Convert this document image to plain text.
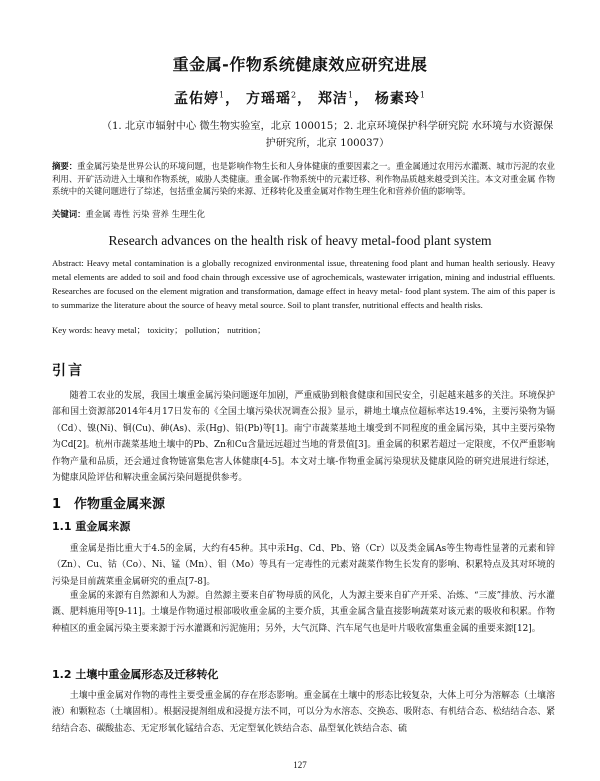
重金属-作物系统健康效应研究进展
孟佑婷$^1$， 方瑶瑶$^2$， 郑洁$^1$， 杨素玲$^1$
（1. 北京市辐射中心 微生物实验室，北京 100015；2. 北京环境保护科学研究院 水环境与水资源保护研究所，北京 100037）
摘要：重金属污染是世界公认的环境问题，也是影响作物生长和人身体健康的重要因素之一。重金属通过农用污水灌溉、城市污泥的农业利用、开矿活动进入土壤和作物系统，威胁人类健康。重金属-作物系统中的元素迁移、利作物品质越来越受到关注。本文对重金属 作物系统中的关键问题进行了综述，包括重金属污染的来源、迁移转化及重金属对作物生理生化和营养价值的影响等。
关键词：重金属 毒性 污染 营养 生理生化
Research advances on the health risk of heavy metal-food plant system
Abstract: Heavy metal contamination is a globally recognized environmental issue, threatening food plant and human health seriously. Heavy metal elements are added to soil and food chain through excessive use of agrochemicals, wastewater irrigation, mining and industrial effluents. Researches are focused on the element migration and transformation, damage effect in heavy metal- food plant system. The aim of this paper is to summarize the literature about the source of heavy metal source. Soil to plant transfer, nutritional effects and health risks.
Key words: heavy metal； toxicity； pollution； nutrition；
引言

随着工农业的发展，我国土壤重金属污染问题逐年加剧，严重威胁到粮食健康和国民安全，引起越来越多的关注。环境保护部和国土资源部2014年4月17日发布的《全国土壤污染状况调查公报》显示，耕地土壤点位超标率达19.4%，主要污染物为镉（Cd）、镍(Ni)、铜(Cu)、砷(As)、汞(Hg)、铅(Pb)等[1]。南宁市蔬菜基地土壤受到不同程度的重金属污染，其中主要污染物为Cd[2]。杭州市蔬菜基地土壤中的Pb、Zn和Cu含量远远超过当地的背景值[3]。重金属的积累若超过一定限度，不仅严重影响作物产量和品质，还会通过食物链富集危害人体健康[4-5]。本文对土壤-作物重金属污染现状及健康风险的研究进展进行综述，为健康风险评估和解决重金属污染问题提供参考。

1　作物重金属来源
1.1 重金属来源

重金属是指比重大于4.5的金属，大约有45种。其中汞Hg、Cd、Pb、铬（Cr）以及类金属As等生物毒性显著的元素和锌（Zn）、Cu、钴（Co）、Ni、锰（Mn）、钼（Mo）等具有一定毒性的元素对蔬菜作物生长发育的影响、积累特点及其对环境的污染是目前蔬菜重金属研究的重点[7-8]。

重金属的来源有自然源和人为源。自然源主要来自矿物母质的风化，人为源主要来自矿产开采、冶炼、“三废”排放、污水灌溉、肥料施用等[9-11]。土壤是作物通过根部吸收重金属的主要介质，其重金属含量直接影响蔬菜对该元素的吸收和积累。作物种植区的重金属污染主要来源于污水灌溉和污泥施用；另外，大气沉降、汽车尾气也是叶片吸收富集重金属的重要来源[12]。

1.2 土壤中重金属形态及迁移转化

土壤中重金属对作物的毒性主要受重金属的存在形态影响。重金属在土壤中的形态比较复杂，大体上可分为溶解态（土壤溶液）和颗粒态（土壤固相）。根据浸提剂组成和浸提方法不同，可以分为水溶态、交换态、吸附态、有机结合态、松结结合态、紧结结合态、碳酸盐态、无定形氧化锰结合态、无定型氧化铁结合态、晶型氧化铁结合态、硫

127
